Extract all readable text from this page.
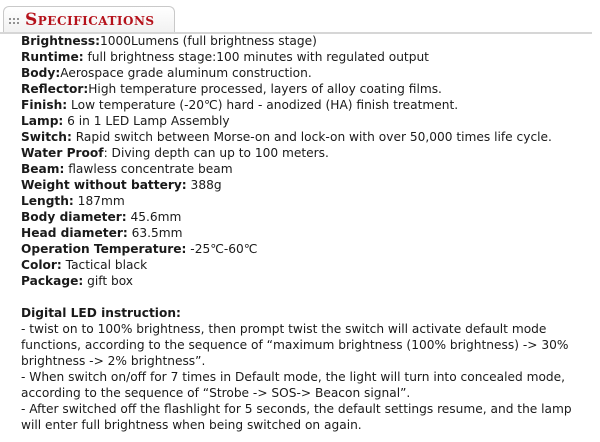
Specifications
Brightness:1000Lumens (full brightness stage)
Runtime: full brightness stage:100 minutes with regulated output
Body:Aerospace grade aluminum construction.
Reflector:High temperature processed, layers of alloy coating films.
Finish: Low temperature (-20℃) hard - anodized (HA) finish treatment.
Lamp: 6 in 1 LED Lamp Assembly
Switch: Rapid switch between Morse-on and lock-on with over 50,000 times life cycle.
Water Proof: Diving depth can up to 100 meters.
Beam: flawless concentrate beam
Weight without battery: 388g
Length: 187mm
Body diameter: 45.6mm
Head diameter: 63.5mm
Operation Temperature: -25℃-60℃
Color: Tactical black
Package: gift box
Digital LED instruction:
- twist on to 100% brightness, then prompt twist the switch will activate default mode functions, according to the sequence of “maximum brightness (100% brightness) -> 30% brightness -> 2% brightness”.
- When switch on/off for 7 times in Default mode, the light will turn into concealed mode, according to the sequence of “Strobe -> SOS-> Beacon signal”.
- After switched off the flashlight for 5 seconds, the default settings resume, and the lamp will enter full brightness when being switched on again.
